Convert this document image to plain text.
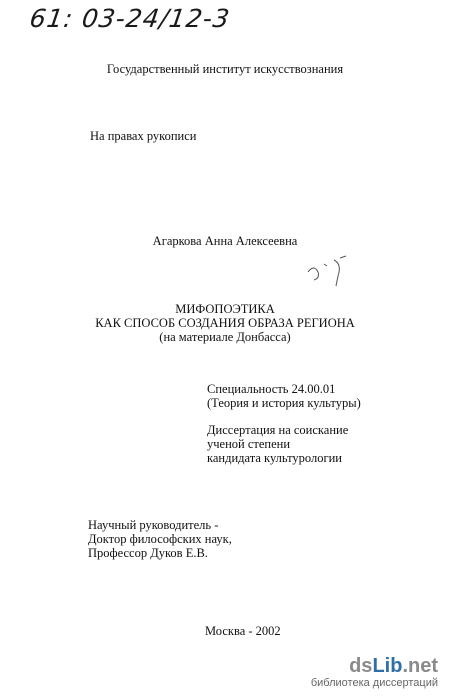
61: 03-24/12-3
Государственный институт искусствознания
На правах рукописи
Агаркова Анна Алексеевна
МИФОПОЭТИКА
КАК СПОСОБ СОЗДАНИЯ ОБРАЗА РЕГИОНА
(на материале Донбасса)
Специальность 24.00.01
(Теория и история культуры)
Диссертация на соискание
ученой степени
кандидата культурологии
Научный руководитель -
Доктор философских наук,
Профессор Дуков Е.В.
Москва - 2002
dsLib.net
библиотека диссертаций
